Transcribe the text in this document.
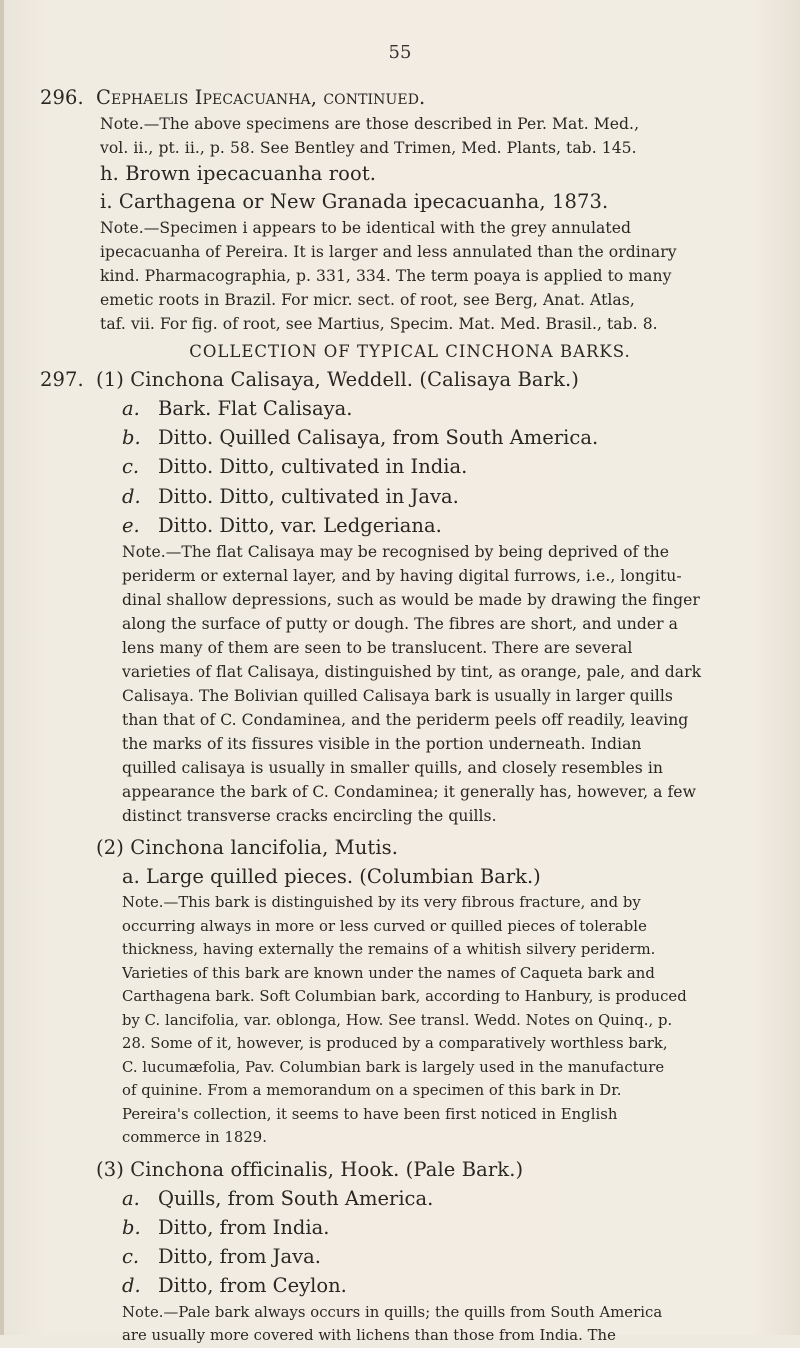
55
296. Cephaelis Ipecacuanha, continued.
Note.—The above specimens are those described in Per. Mat. Med.,
vol. ii., pt. ii., p. 58. See Bentley and Trimen, Med. Plants, tab. 145.
h. Brown ipecacuanha root.
i. Carthagena or New Granada ipecacuanha, 1873.
Note.—Specimen i appears to be identical with the grey annulated
ipecacuanha of Pereira. It is larger and less annulated than the ordinary
kind. Pharmacographia, p. 331, 334. The term poaya is applied to many
emetic roots in Brazil. For micr. sect. of root, see Berg, Anat. Atlas,
taf. vii. For fig. of root, see Martius, Specim. Mat. Med. Brasil., tab. 8.
COLLECTION OF TYPICAL CINCHONA BARKS.
297. (1) Cinchona Calisaya, Weddell. (Calisaya Bark.)
a. Bark. Flat Calisaya.
b. Ditto. Quilled Calisaya, from South America.
c. Ditto. Ditto, cultivated in India.
d. Ditto. Ditto, cultivated in Java.
e. Ditto. Ditto, var. Ledgeriana.
Note.—The flat Calisaya may be recognised by being deprived of the
periderm or external layer, and by having digital furrows, i.e., longitu-
dinal shallow depressions, such as would be made by drawing the finger
along the surface of putty or dough. The fibres are short, and under a
lens many of them are seen to be translucent. There are several
varieties of flat Calisaya, distinguished by tint, as orange, pale, and dark
Calisaya. The Bolivian quilled Calisaya bark is usually in larger quills
than that of C. Condaminea, and the periderm peels off readily, leaving
the marks of its fissures visible in the portion underneath. Indian
quilled calisaya is usually in smaller quills, and closely resembles in
appearance the bark of C. Condaminea; it generally has, however, a few
distinct transverse cracks encircling the quills.
(2) Cinchona lancifolia, Mutis.
a. Large quilled pieces. (Columbian Bark.)
Note.—This bark is distinguished by its very fibrous fracture, and by
occurring always in more or less curved or quilled pieces of tolerable
thickness, having externally the remains of a whitish silvery periderm.
Varieties of this bark are known under the names of Caqueta bark and
Carthagena bark. Soft Columbian bark, according to Hanbury, is produced
by C. lancifolia, var. oblonga, How. See transl. Wedd. Notes on Quinq., p.
28. Some of it, however, is produced by a comparatively worthless bark,
C. lucumæfolia, Pav. Columbian bark is largely used in the manufacture
of quinine. From a memorandum on a specimen of this bark in Dr.
Pereira's collection, it seems to have been first noticed in English
commerce in 1829.
(3) Cinchona officinalis, Hook. (Pale Bark.)
a. Quills, from South America.
b. Ditto, from India.
c. Ditto, from Java.
d. Ditto, from Ceylon.
Note.—Pale bark always occurs in quills; the quills from South America
are usually more covered with lichens than those from India. The
